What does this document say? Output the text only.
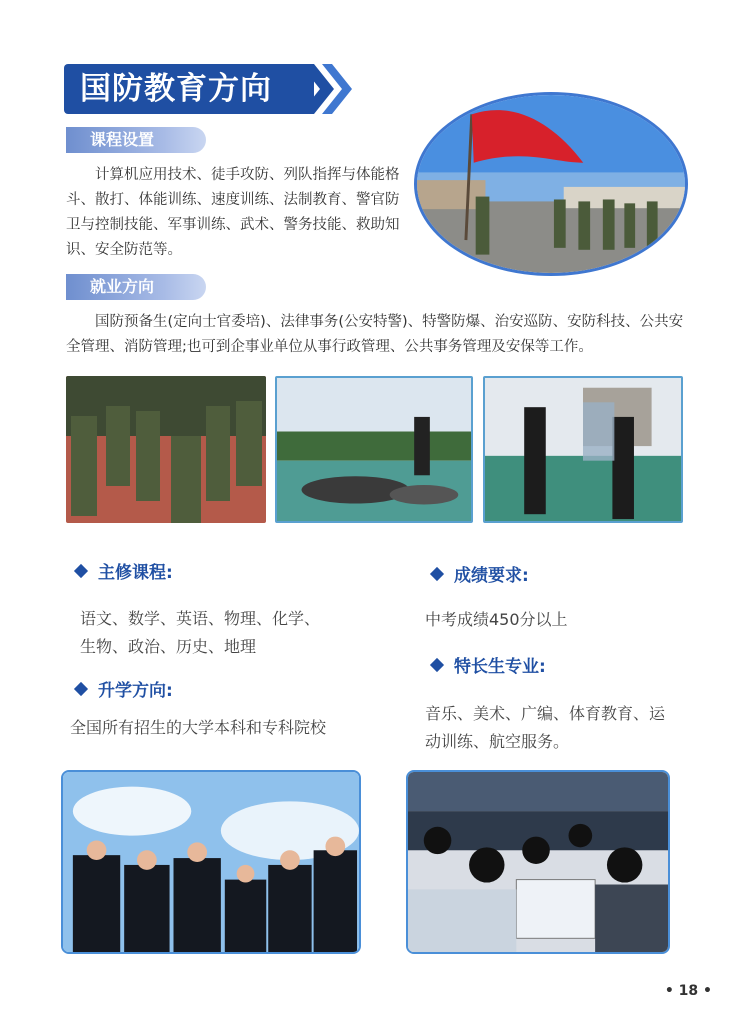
国防教育方向
课程设置
计算机应用技术、徒手攻防、列队指挥与体能格斗、散打、体能训练、速度训练、法制教育、警官防卫与控制技能、军事训练、武术、警务技能、救助知识、安全防范等。
就业方向
国防预备生(定向士官委培)、法律事务(公安特警)、特警防爆、治安巡防、安防科技、公共安全管理、消防管理;也可到企事业单位从事行政管理、公共事务管理及安保等工作。
主修课程:
语文、数学、英语、物理、化学、生物、政治、历史、地理
升学方向:
全国所有招生的大学本科和专科院校
成绩要求:
中考成绩450分以上
特长生专业:
音乐、美术、广编、体育教育、运动训练、航空服务。
• 18 •
